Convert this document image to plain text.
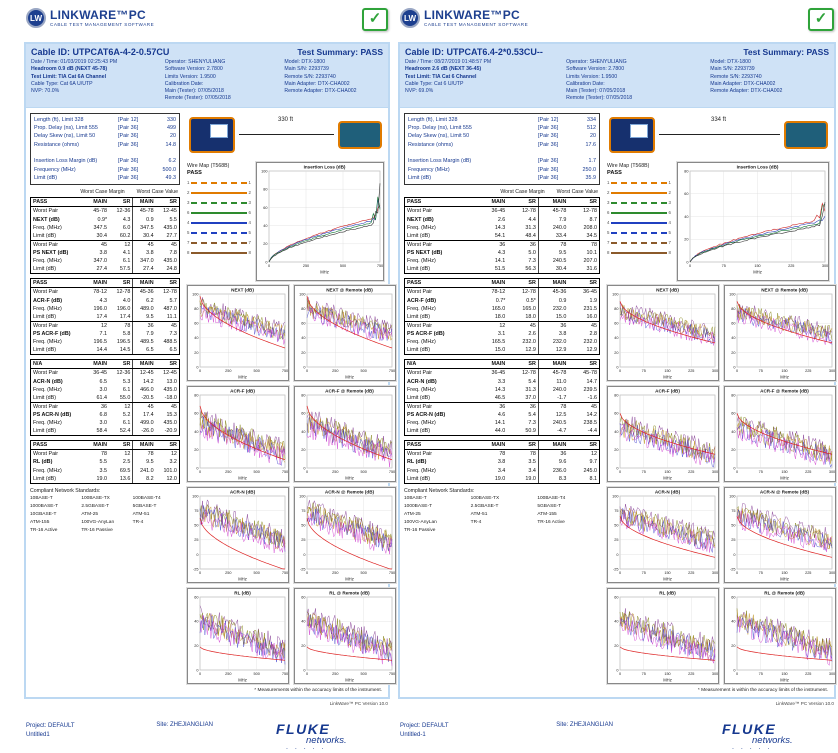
LW LINKWARE™PC
CABLE TEST MANAGEMENT SOFTWARE	✓
Cable ID: UTPCAT6A-4-2-0.57CU	Test Summary: PASS
Date / Time: 01/03/2019 02:25:43 PM
Headroom 0.9 dB (NEXT 45-78)
Test Limit: TIA Cat 6A Channel
Cable Type: Cat 6A U/UTP
NVP: 70.0%
Operator: SHENYULIANG
Software Version: 2.7800
Limits Version: 1.9500
Calibration Date:
Main (Tester): 07/05/2018
Remote (Tester): 07/05/2018
Model: DTX-1800
Main S/N: 2293739
Remote S/N: 2293740
Main Adapter: DTX-CHA002
Remote Adapter: DTX-CHA002
Length (ft), Limit 328	[Pair 12]	330
Prop. Delay (ns), Limit 555	[Pair 36]	499
Delay Skew (ns), Limit 50	[Pair 36]	20
Resistance (ohms)	[Pair 36]	14.8
Insertion Loss Margin (dB)	[Pair 36]	6.2
Frequency (MHz)	[Pair 36]	500.0
Limit (dB)	[Pair 36]	49.3
Worst Case Margin Worst Case Value
PASS	MAIN	SR	MAIN	SR
Worst Pair	45-78	12-36	45-78	12-45
NEXT (dB)	0.9*	4.3	0.9	5.5
Freq. (MHz)	347.5	6.0	347.5	435.0
Limit (dB)	30.4	60.2	30.4	27.7
Worst Pair	45	12	45	45
PS NEXT (dB)	3.8	4.1	3.8	7.8
Freq. (MHz)	347.0	6.1	347.0	435.0
Limit (dB)	27.4	57.5	27.4	24.8
PASS	MAIN	SR	MAIN	SR
Worst Pair	78-12	12-78	45-36	12-78
ACR-F (dB)	4.3	4.0	6.2	5.7
Freq. (MHz)	196.0	196.0	489.0	487.0
Limit (dB)	17.4	17.4	9.5	11.1
Worst Pair	12	78	36	45
PS ACR-F (dB)	7.1	5.8	7.9	7.3
Freq. (MHz)	196.5	196.5	489.5	488.5
Limit (dB)	14.4	14.5	6.5	6.5
N/A	MAIN	SR	MAIN	SR
Worst Pair	36-45	12-36	12-45	12-45
ACR-N (dB)	6.5	5.3	14.2	13.0
Freq. (MHz)	3.0	6.1	466.0	435.0
Limit (dB)	61.4	55.0	-20.5	-18.0
Worst Pair	36	12	45	45
PS ACR-N (dB)	6.8	5.2	17.4	15.3
Freq. (MHz)	3.0	6.1	499.0	435.0
Limit (dB)	58.4	52.4	-26.0	-20.9
PASS	MAIN	SR	MAIN	SR
Worst Pair	78	12	78	12
RL (dB)	5.5	2.5	9.5	3.2
Freq. (MHz)	3.5	69.5	241.0	101.0
Limit (dB)	19.0	13.6	8.2	12.0
Compliant Network Standards:
10BASE-T	100BASE-TX	100BASE-T4
1000BASE-T	2.5GBASE-T	5GBASE-T
10GBASE-T	ATM-25	ATM-51
ATM-155	100VG-AnyLan	TR-4
TR-16 Active	TR-16 Passive
330 ft
Wire Map (T568B)
PASS
1	1
2	2
3	3
6	6
4	4
5	5
7	7
8	8
0
20
40
60
80
100
0	250	500	750
Insertion Loss (dB)
MHz
0
20
40
60
80
100
0	250	500	750
NEXT (dB)
MHz
0
20
40
60
80
100
0	250	500	750
NEXT @ Remote (dB)
MHz
0
20
40
60
80
0	250	500	750
ACR-F (dB)
MHz
0
20
40
60
80
0	250	500	750
ACR-F @ Remote (dB)
MHz
-25
0
25
50
75
100
0	250	500	750
ACR-N (dB)
MHz
-25
0
25
50
75
100
0	250	500	750
ACR-N @ Remote (dB)
MHz
0
20
40
60
0	250	500	750
RL (dB)
MHz
0
20
40
60
0	250	500	750
RL @ Remote (dB)
MHz
* Measurements within the accuracy limits of the instrument.
LinkWare™ PC Version 10.0
Project: DEFAULT
Untitled1
Site: ZHEJIANGLIAN	FLUKE
networks.
. . . . .
LW LINKWARE™PC
CABLE TEST MANAGEMENT SOFTWARE	✓
Cable ID: UTPCAT6.4-2*0.53CU--	Test Summary: PASS
Date / Time: 08/27/2019 01:48:57 PM
Headroom 2.6 dB (NEXT 36-45)
Test Limit: TIA Cat 6 Channel
Cable Type: Cat 6 U/UTP
NVP: 69.0%
Operator: SHENYULIANG
Software Version: 2.7800
Limits Version: 1.9500
Calibration Date:
Main (Tester): 07/05/2018
Remote (Tester): 07/05/2018
Model: DTX-1800
Main S/N: 2293739
Remote S/N: 2293740
Main Adapter: DTX-CHA002
Remote Adapter: DTX-CHA002
Length (ft), Limit 328	[Pair 12]	334
Prop. Delay (ns), Limit 555	[Pair 36]	512
Delay Skew (ns), Limit 50	[Pair 36]	20
Resistance (ohms)	[Pair 36]	17.6
Insertion Loss Margin (dB)	[Pair 36]	1.7
Frequency (MHz)	[Pair 36]	250.0
Limit (dB)	[Pair 36]	35.9
Worst Case Margin Worst Case Value
PASS	MAIN	SR	MAIN	SR
Worst Pair	36-45	12-78	45-78	12-78
NEXT (dB)	2.6	4.4	7.9	8.7
Freq. (MHz)	14.3	31.3	240.0	208.0
Limit (dB)	54.1	48.4	33.4	34.5
Worst Pair	36	36	78	78
PS NEXT (dB)	4.3	5.0	9.5	10.1
Freq. (MHz)	14.1	7.3	240.5	207.0
Limit (dB)	51.5	56.3	30.4	31.6
PASS	MAIN	SR	MAIN	SR
Worst Pair	78-12	12-78	45-36	36-45
ACR-F (dB)	0.7*	0.5*	0.9	1.9
Freq. (MHz)	165.0	165.0	232.0	231.5
Limit (dB)	18.0	18.0	15.0	16.0
Worst Pair	12	45	36	45
PS ACR-F (dB)	3.1	2.6	3.8	2.8
Freq. (MHz)	165.5	232.0	232.0	232.0
Limit (dB)	15.0	12.9	12.9	12.9
N/A	MAIN	SR	MAIN	SR
Worst Pair	36-45	12-78	45-78	45-78
ACR-N (dB)	3.3	5.4	11.0	14.7
Freq. (MHz)	14.3	31.3	240.0	239.5
Limit (dB)	46.5	37.0	-1.7	-1.6
Worst Pair	36	36	78	45
PS ACR-N (dB)	4.6	5.4	12.5	14.2
Freq. (MHz)	14.1	7.3	240.5	238.5
Limit (dB)	44.0	50.9	-4.7	-4.4
PASS	MAIN	SR	MAIN	SR
Worst Pair	78	78	36	12
RL (dB)	3.8	3.5	9.6	9.7
Freq. (MHz)	3.4	3.4	236.0	245.0
Limit (dB)	19.0	19.0	8.3	8.1
Compliant Network Standards:
10BASE-T	100BASE-TX	100BASE-T4
1000BASE-T	2.5GBASE-T	5GBASE-T
ATM-25	ATM-51	ATM-155
100VG-AnyLan	TR-4	TR-16 Active
TR-16 Passive
334 ft
Wire Map (T568B)
PASS
1	1
2	2
3	3
6	6
4	4
5	5
7	7
8	8
0
20
40
60
80
0	75	150	225	300
Insertion Loss (dB)
MHz
0
20
40
60
80
100
0	75	150	225	300
NEXT (dB)
MHz
0
20
40
60
80
100
0	75	150	225	300
NEXT @ Remote (dB)
MHz
0
20
40
60
80
0	75	150	225	300
ACR-F (dB)
MHz
0
20
40
60
80
0	75	150	225	300
ACR-F @ Remote (dB)
MHz
-25
0
25
50
75
100
0	75	150	225	300
ACR-N (dB)
MHz
-25
0
25
50
75
100
0	75	150	225	300
ACR-N @ Remote (dB)
MHz
0
20
40
60
0	75	150	225	300
RL (dB)
MHz
0
20
40
60
0	75	150	225	300
RL @ Remote (dB)
MHz
* Measurement is within the accuracy limits of the instrument.
LinkWare™ PC Version 10.0
Project: DEFAULT
Untitled-1
Site: ZHEJIANGLIAN	FLUKE
networks.
. . . . .
